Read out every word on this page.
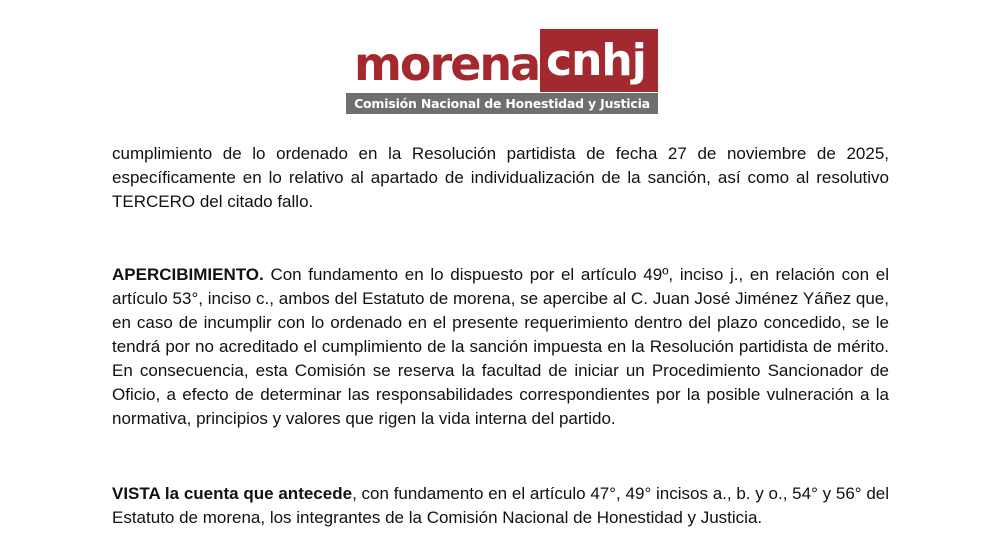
morena cnhj
Comisión Nacional de Honestidad y Justicia

cumplimiento de lo ordenado en la Resolución partidista de fecha 27 de noviembre de 2025, específicamente en lo relativo al apartado de individualización de la sanción, así como al resolutivo TERCERO del citado fallo.

APERCIBIMIENTO. Con fundamento en lo dispuesto por el artículo 49º, inciso j., en relación con el artículo 53°, inciso c., ambos del Estatuto de morena, se apercibe al C. Juan José Jiménez Yáñez que, en caso de incumplir con lo ordenado en el presente requerimiento dentro del plazo concedido, se le tendrá por no acreditado el cumplimiento de la sanción impuesta en la Resolución partidista de mérito. En consecuencia, esta Comisión se reserva la facultad de iniciar un Procedimiento Sancionador de Oficio, a efecto de determinar las responsabilidades correspondientes por la posible vulneración a la normativa, principios y valores que rigen la vida interna del partido.

VISTA la cuenta que antecede, con fundamento en el artículo 47°, 49° incisos a., b. y o., 54° y 56° del Estatuto de morena, los integrantes de la Comisión Nacional de Honestidad y Justicia.
